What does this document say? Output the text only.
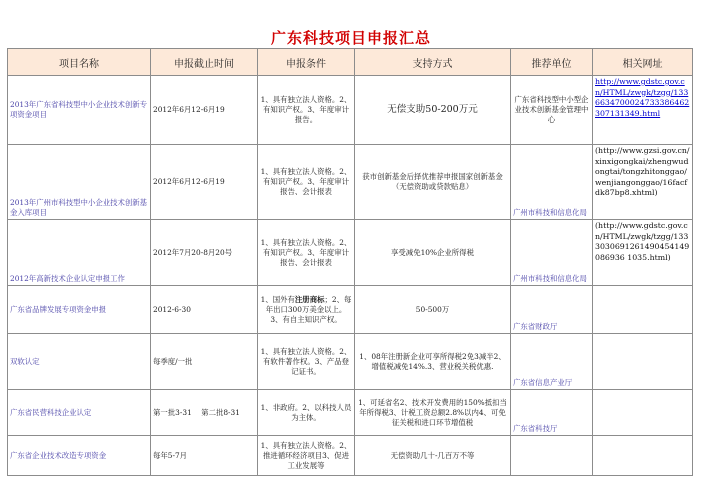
广东科技项目申报汇总
项目名称	申报截止时间	申报条件	支持方式	推荐单位	相关网址
2013年广东省科技型中小企业技术创新专项资金项目	2012年6月12-6月19	1、具有独立法人资格。2、有知识产权。3、年度审计报告。	无偿支助50-200万元	广东省科技型中小型企业技术创新基金管理中心	http://www.gdstc.gov.cn/HTML/zwgk/tzgg/1336634700024733386462307131349.html
2013年广州市科技型中小企业技术创新基金入库项目	2012年6月12-6月19	1、具有独立法人资格。2、有知识产权。3、年度审计报告、会计报表	获市创新基金后择优推荐申报国家创新基金（无偿资助或贷款贴息）	广州市科技和信息化局	(http://www.gzsi.gov.cn/xinxigongkai/zhengwudongtai/tongzhitonggao/wenjiangonggao/16facfdk87bp8.xhtml)
2012年高新技术企业认定申报工作	2012年7月20-8月20号	1、具有独立法人资格。2、有知识产权。3、年度审计报告、会计报表	享受减免10%企业所得税	广州市科技和信息化局	(http://www.gdstc.gov.cn/HTML/zwgk/tzgg/1333030691261490454149086936 1035.html)
广东省品牌发展专项资金申报	2012-6-30	1、国外有注册商标；2、每年出口300万美金以上。3、有自主知识产权。	50-500万	广东省财政厅	
双软认定	每季度/一批	1、具有独立法人资格。2、有软件著作权。3、产品登记证书。	1、08年注册新企业可享所得税2免3减半2、增值税减免14%.3、营业税关税优惠.	广东省信息产业厅	
广东省民营科技企业认定	第一批3-31    第二批8-31	1、非政府。2、以科技人员为主体。	1、可延省名2、技术开发费用的150%抵扣当年所得税3、计税工资总额2.8%以内4、可免征关税和进口环节增值税	广东省科技厅	
广东省企业技术改造专项资金	每年5-7月	1、具有独立法人资格。2、推进循环经济项目3、促进工业发展等	无偿资助几十-几百万不等		
